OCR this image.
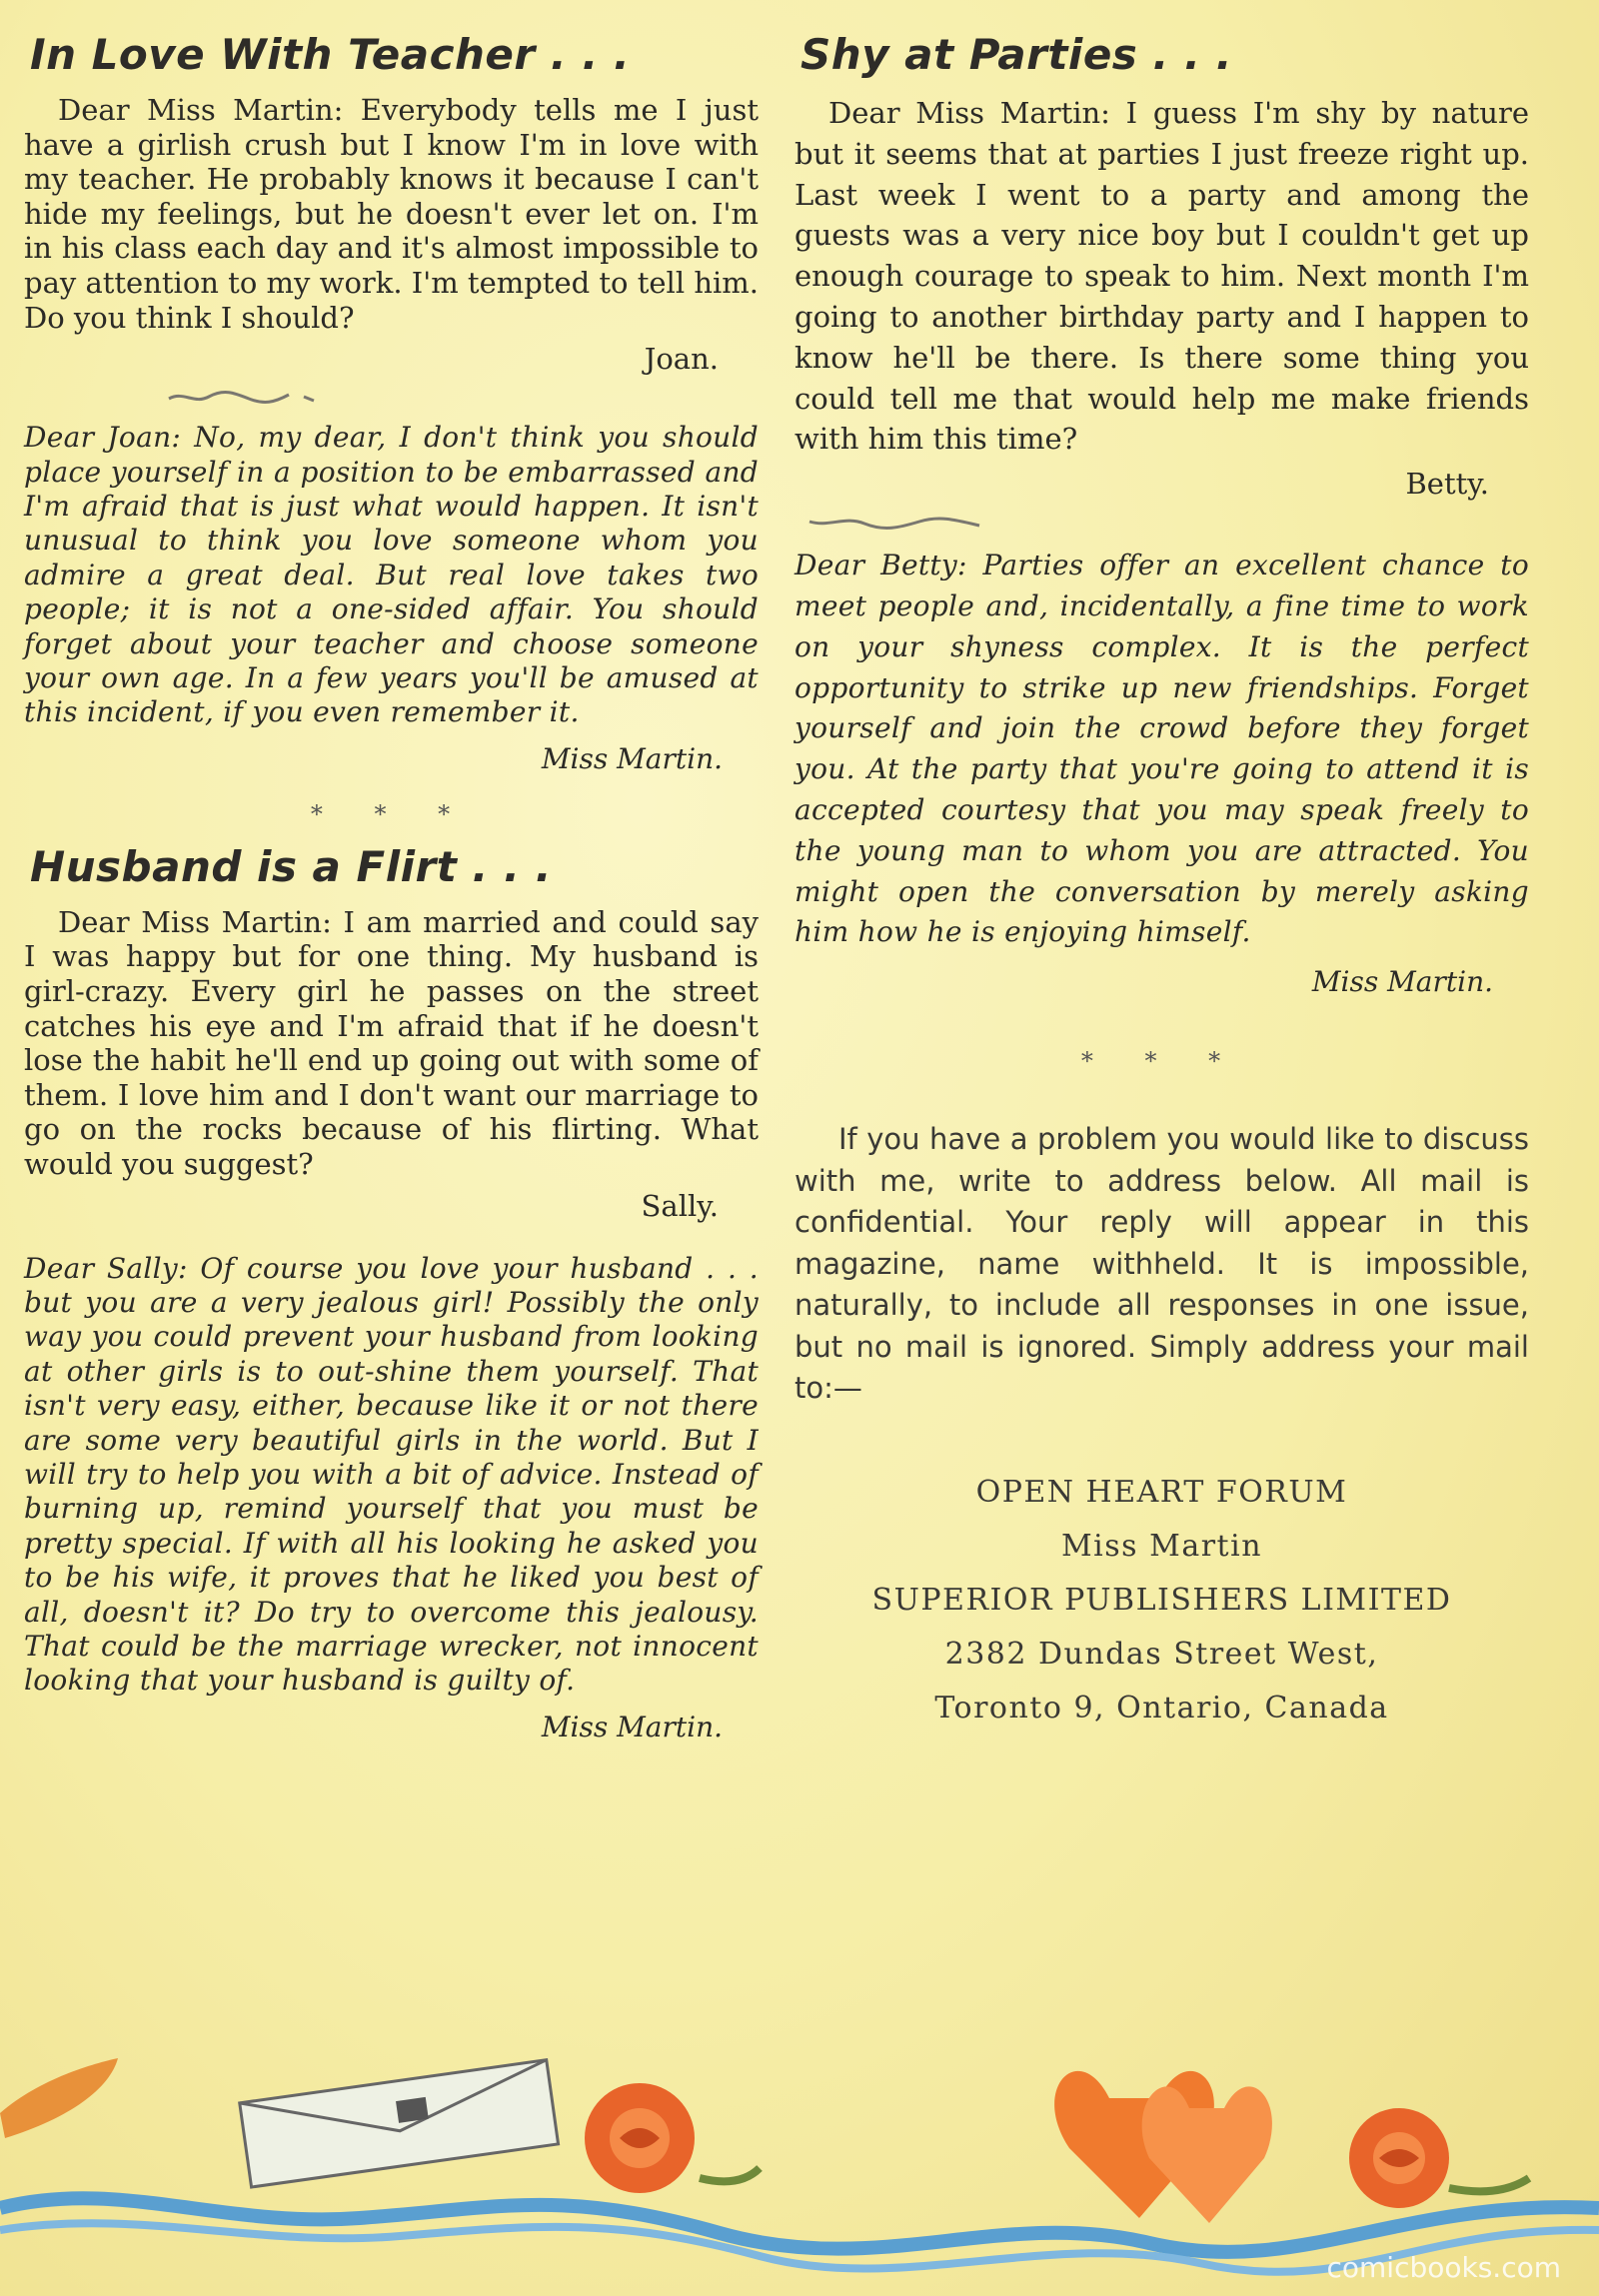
In Love With Teacher . . .

Dear Miss Martin: Everybody tells me I just have a girlish crush but I know I'm in love with my teacher. He probably knows it because I can't hide my feelings, but he doesn't ever let on. I'm in his class each day and it's almost impossible to pay attention to my work. I'm tempted to tell him. Do you think I should?

Joan.

Dear Joan: No, my dear, I don't think you should place yourself in a position to be embarrassed and I'm afraid that is just what would happen. It isn't unusual to think you love someone whom you admire a great deal. But real love takes two people; it is not a one-sided affair. You should forget about your teacher and choose someone your own age. In a few years you'll be amused at this incident, if you even remember it.

Miss Martin.
* * *
Husband is a Flirt . . .

Dear Miss Martin: I am married and could say I was happy but for one thing. My husband is girl-crazy. Every girl he passes on the street catches his eye and I'm afraid that if he doesn't lose the habit he'll end up going out with some of them. I love him and I don't want our marriage to go on the rocks because of his flirting. What would you suggest?

Sally.

Dear Sally: Of course you love your husband . . . but you are a very jealous girl! Possibly the only way you could prevent your husband from looking at other girls is to out-shine them yourself. That isn't very easy, either, because like it or not there are some very beautiful girls in the world. But I will try to help you with a bit of advice. Instead of burning up, remind yourself that you must be pretty special. If with all his looking he asked you to be his wife, it proves that he liked you best of all, doesn't it? Do try to overcome this jealousy. That could be the marriage wrecker, not innocent looking that your husband is guilty of.

Miss Martin.
Shy at Parties . . .

Dear Miss Martin: I guess I'm shy by nature but it seems that at parties I just freeze right up. Last week I went to a party and among the guests was a very nice boy but I couldn't get up enough courage to speak to him. Next month I'm going to another birthday party and I happen to know he'll be there. Is there some thing you could tell me that would help me make friends with him this time?

Betty.

Dear Betty: Parties offer an excellent chance to meet people and, incidentally, a fine time to work on your shyness complex. It is the perfect opportunity to strike up new friendships. Forget yourself and join the crowd before they forget you. At the party that you're going to attend it is accepted courtesy that you may speak freely to the young man to whom you are attracted. You might open the conversation by merely asking him how he is enjoying himself.

Miss Martin.
* * *

If you have a problem you would like to discuss with me, write to address below. All mail is confidential. Your reply will appear in this magazine, name withheld. It is impossible, naturally, to include all responses in one issue, but no mail is ignored. Simply address your mail to:—

OPEN HEART FORUM
Miss Martin
SUPERIOR PUBLISHERS LIMITED
2382 Dundas Street West,
Toronto 9, Ontario, Canada
comicbooks.com
